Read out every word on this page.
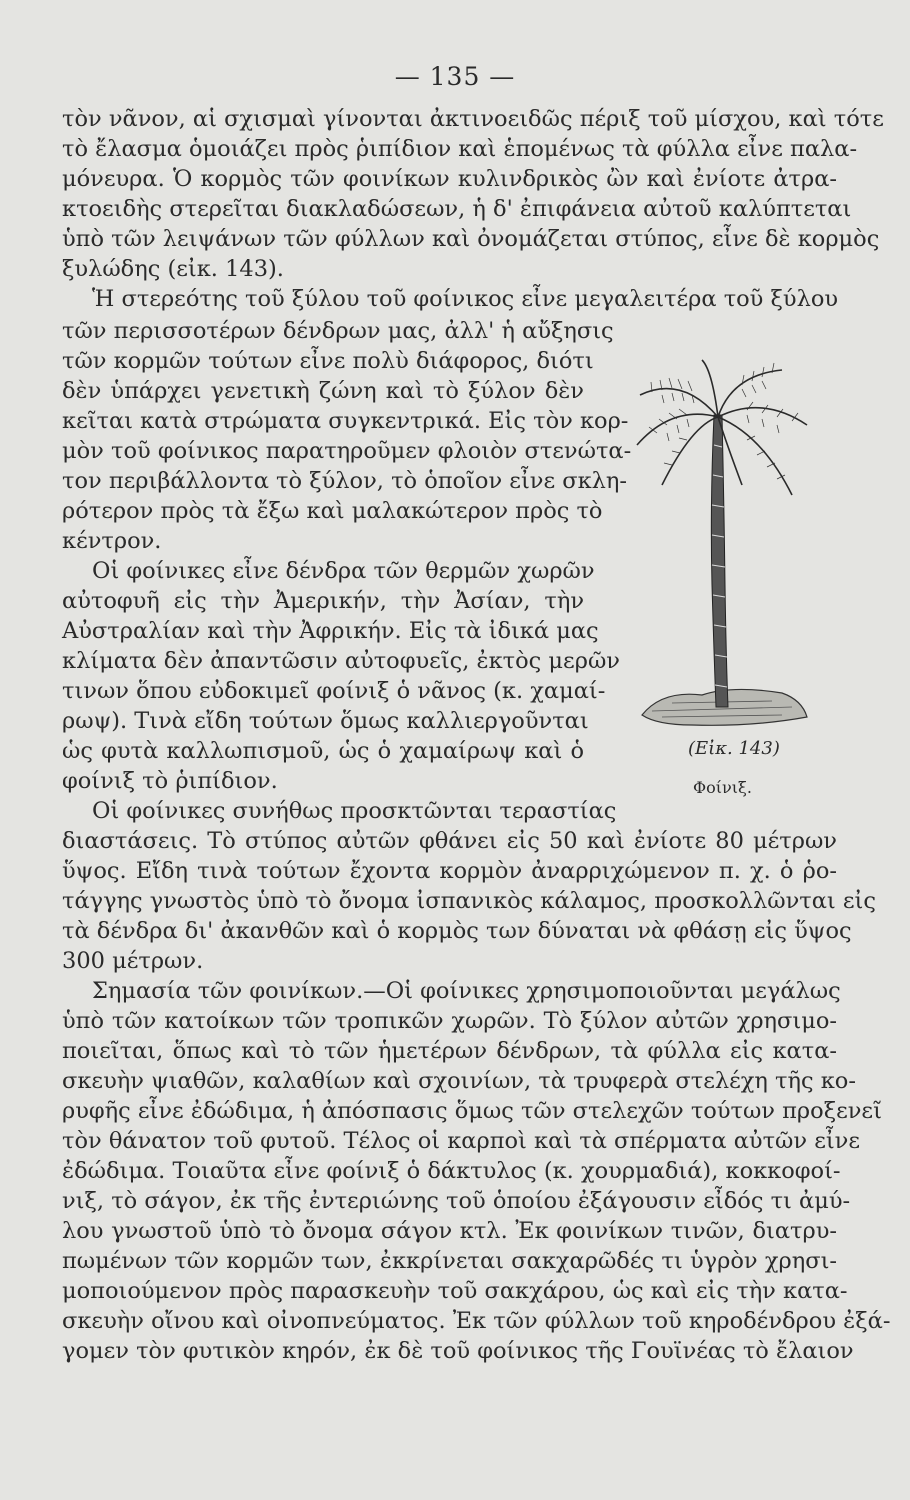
— 135 —
τὸν νᾶνον, αἱ σχισμαὶ γίνονται ἀκτινοειδῶς πέριξ τοῦ μίσχου, καὶ τότε
τὸ ἔλασμα ὁμοιάζει πρὸς ῥιπίδιον καὶ ἑπομένως τὰ φύλλα εἶνε παλα-
μόνευρα. Ὁ κορμὸς τῶν φοινίκων κυλινδρικὸς ὢν καὶ ἐνίοτε ἀτρα-
κτοειδὴς στερεῖται διακλαδώσεων, ἡ δ' ἐπιφάνεια αὐτοῦ καλύπτεται
ὑπὸ τῶν λειψάνων τῶν φύλλων καὶ ὀνομάζεται στύπος, εἶνε δὲ κορμὸς
ξυλώδης (εἰκ. 143).
Ἡ στερεότης τοῦ ξύλου τοῦ φοίνικος εἶνε μεγαλειτέρα τοῦ ξύλου
τῶν περισσοτέρων δένδρων μας, ἀλλ' ἡ αὔξησις
τῶν κορμῶν τούτων εἶνε πολὺ διάφορος, διότι
δὲν ὑπάρχει γενετικὴ ζώνη καὶ τὸ ξύλον δὲν
κεῖται κατὰ στρώματα συγκεντρικά. Εἰς τὸν κορ-
μὸν τοῦ φοίνικος παρατηροῦμεν φλοιὸν στενώτα-
τον περιβάλλοντα τὸ ξύλον, τὸ ὁποῖον εἶνε σκλη-
ρότερον πρὸς τὰ ἔξω καὶ μαλακώτερον πρὸς τὸ
κέντρον.
Οἱ φοίνικες εἶνε δένδρα τῶν θερμῶν χωρῶν
αὐτοφυῆ εἰς τὴν Ἀμερικήν, τὴν Ἀσίαν, τὴν
Αὐστραλίαν καὶ τὴν Ἀφρικήν. Εἰς τὰ ἰδικά μας
κλίματα δὲν ἀπαντῶσιν αὐτοφυεῖς, ἐκτὸς μερῶν
τινων ὅπου εὐδοκιμεῖ φοίνιξ ὁ νᾶνος (κ. χαμαί-
ρωψ). Τινὰ εἴδη τούτων ὅμως καλλιεργοῦνται
ὡς φυτὰ καλλωπισμοῦ, ὡς ὁ χαμαίρωψ καὶ ὁ
φοίνιξ τὸ ῥιπίδιον.
Οἱ φοίνικες συνήθως προσκτῶνται τεραστίας
διαστάσεις. Τὸ στύπος αὐτῶν φθάνει εἰς 50 καὶ ἐνίοτε 80 μέτρων
ὕψος. Εἴδη τινὰ τούτων ἔχοντα κορμὸν ἀναρριχώμενον π. χ. ὁ ῥο-
τάγγης γνωστὸς ὑπὸ τὸ ὄνομα ἰσπανικὸς κάλαμος, προσκολλῶνται εἰς
τὰ δένδρα δι' ἀκανθῶν καὶ ὁ κορμὸς των δύναται νὰ φθάσῃ εἰς ὕψος
300 μέτρων.
Σημασία τῶν φοινίκων.—Οἱ φοίνικες χρησιμοποιοῦνται μεγάλως
ὑπὸ τῶν κατοίκων τῶν τροπικῶν χωρῶν. Τὸ ξύλον αὐτῶν χρησιμο-
ποιεῖται, ὅπως καὶ τὸ τῶν ἡμετέρων δένδρων, τὰ φύλλα εἰς κατα-
σκευὴν ψιαθῶν, καλαθίων καὶ σχοινίων, τὰ τρυφερὰ στελέχη τῆς κο-
ρυφῆς εἶνε ἐδώδιμα, ἡ ἀπόσπασις ὅμως τῶν στελεχῶν τούτων προξενεῖ
τὸν θάνατον τοῦ φυτοῦ. Τέλος οἱ καρποὶ καὶ τὰ σπέρματα αὐτῶν εἶνε
ἐδώδιμα. Τοιαῦτα εἶνε φοίνιξ ὁ δάκτυλος (κ. χουρμαδιά), κοκκοφοί-
νιξ, τὸ σάγον, ἐκ τῆς ἐντεριώνης τοῦ ὁποίου ἐξάγουσιν εἶδός τι ἀμύ-
λου γνωστοῦ ὑπὸ τὸ ὄνομα σάγον κτλ. Ἐκ φοινίκων τινῶν, διατρυ-
πωμένων τῶν κορμῶν των, ἐκκρίνεται σακχαρῶδές τι ὑγρὸν χρησι-
μοποιούμενον πρὸς παρασκευὴν τοῦ σακχάρου, ὡς καὶ εἰς τὴν κατα-
σκευὴν οἴνου καὶ οἰνοπνεύματος. Ἐκ τῶν φύλλων τοῦ κηροδένδρου ἐξά-
γομεν τὸν φυτικὸν κηρόν, ἐκ δὲ τοῦ φοίνικος τῆς Γουϊνέας τὸ ἔλαιον
(Εἰκ. 143)
Φοίνιξ.
